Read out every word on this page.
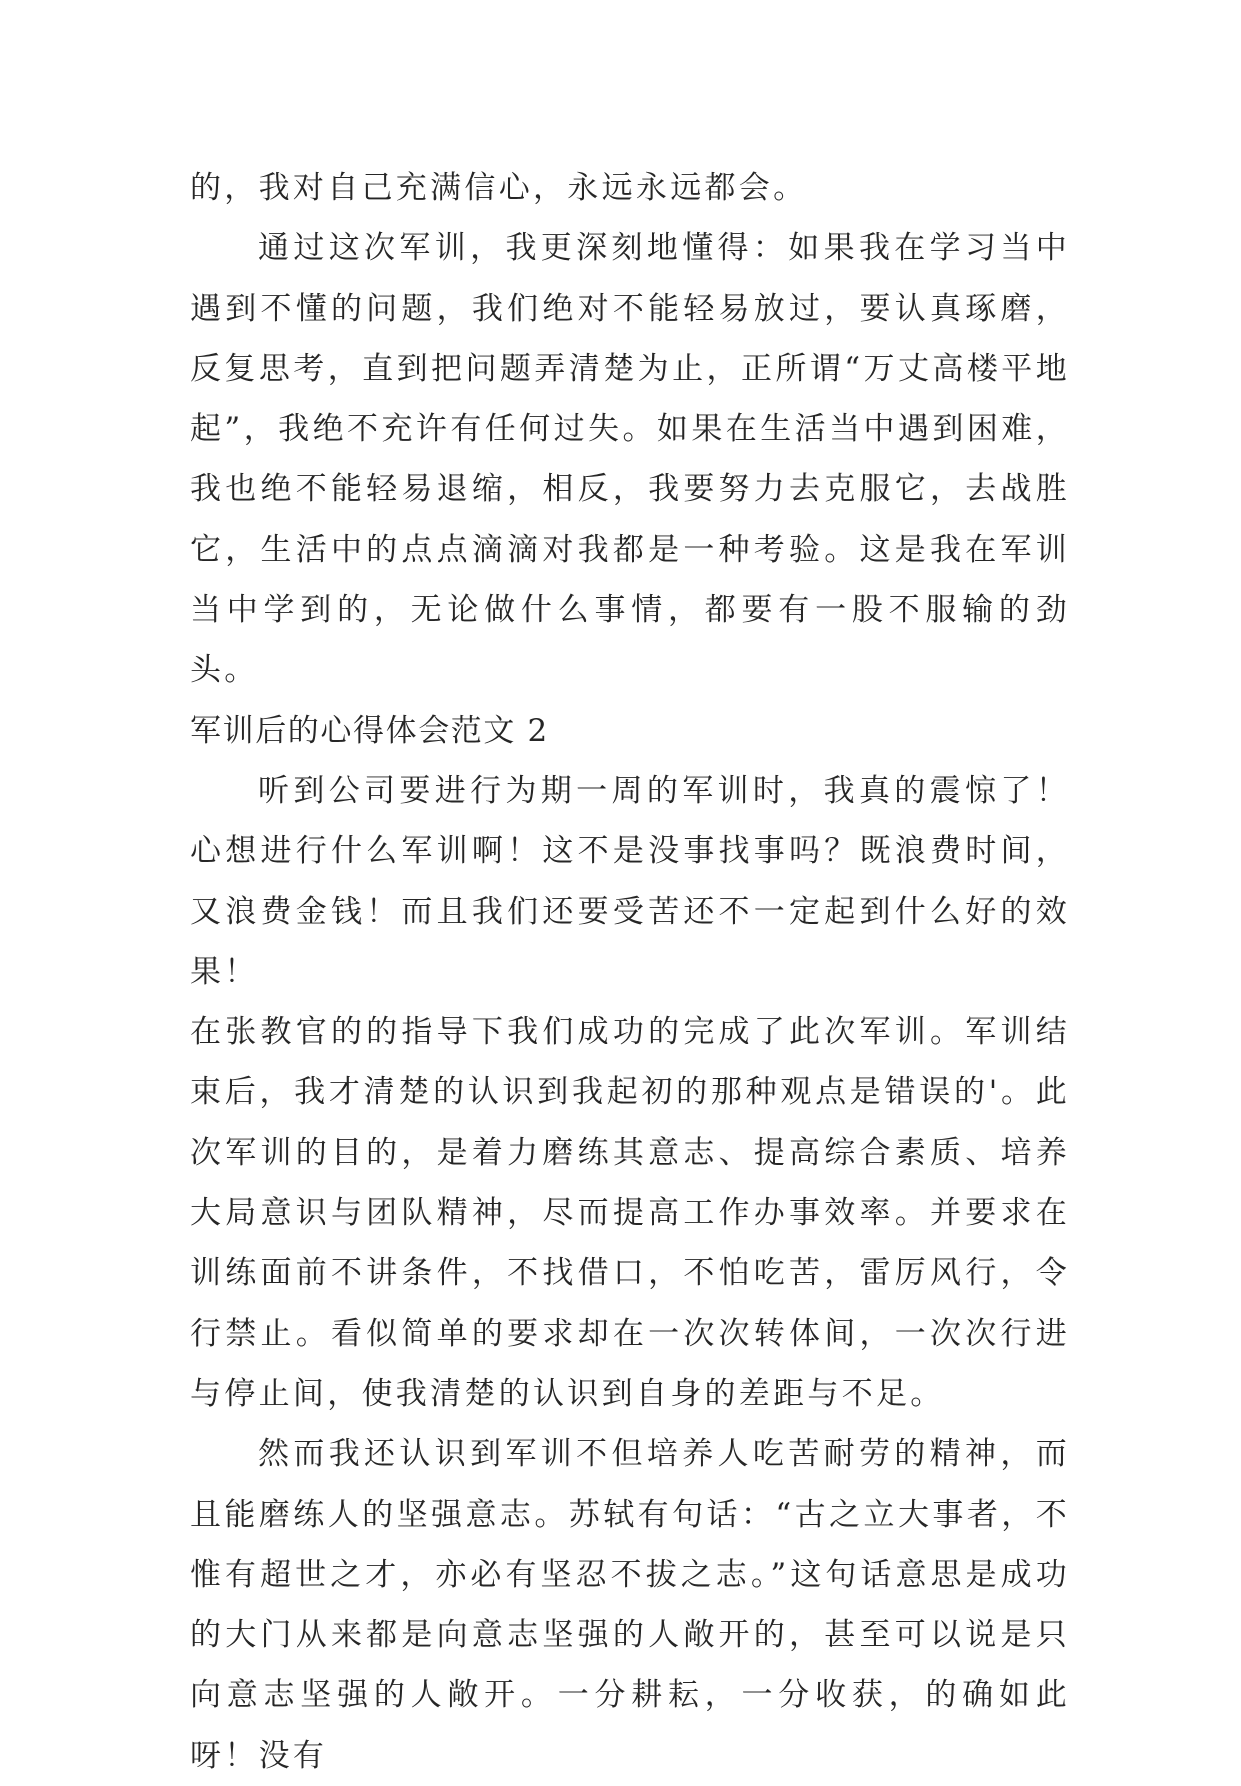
的，我对自己充满信心，永远永远都会。

通过这次军训，我更深刻地懂得：如果我在学习当中遇到不懂的问题，我们绝对不能轻易放过，要认真琢磨，反复思考，直到把问题弄清楚为止，正所谓“万丈高楼平地起”，我绝不充许有任何过失。如果在生活当中遇到困难，我也绝不能轻易退缩，相反，我要努力去克服它，去战胜它，生活中的点点滴滴对我都是一种考验。这是我在军训当中学到的，无论做什么事情，都要有一股不服输的劲头。

军训后的心得体会范文 2

听到公司要进行为期一周的军训时，我真的震惊了！心想进行什么军训啊！这不是没事找事吗？既浪费时间，又浪费金钱！而且我们还要受苦还不一定起到什么好的效果！

在张教官的的指导下我们成功的完成了此次军训。军训结束后，我才清楚的认识到我起初的那种观点是错误的'。此次军训的目的，是着力磨练其意志、提高综合素质、培养大局意识与团队精神，尽而提高工作办事效率。并要求在训练面前不讲条件，不找借口，不怕吃苦，雷厉风行，令行禁止。看似简单的要求却在一次次转体间，一次次行进与停止间，使我清楚的认识到自身的差距与不足。

然而我还认识到军训不但培养人吃苦耐劳的精神，而且能磨练人的坚强意志。苏轼有句话：“古之立大事者，不惟有超世之才，亦必有坚忍不拔之志。”这句话意思是成功的大门从来都是向意志坚强的人敞开的，甚至可以说是只向意志坚强的人敞开。一分耕耘，一分收获，的确如此呀！没有
